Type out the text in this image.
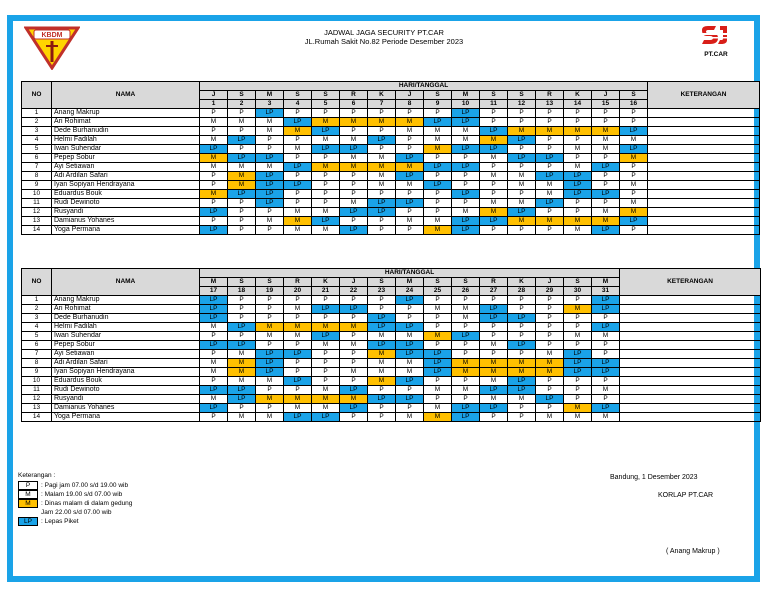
KBDM
PT.CAR
JADWAL JAGA SECURITY PT.CAR
JL.Rumah Sakit No.82 Periode Desember 2023
NO	NAMA	HARI/TANGGAL																KETERANGAN
		J	S	M	S	S	R	K	J	S	M	S	S	R	K	J	S	
		1	2	3	4	5	6	7	8	9	10	11	12	13	14	15	16	
1	Anang Makrup	P	P	LP	P	P	P	P	P	P	LP	P	P	P	P	P	P	
2	Ari Rohimat	M	M	M	LP	M	M	M	M	LP	LP	P	P	P	P	P	P	
3	Dede Burhanudin	P	P	M	M	LP	P	P	M	M	M	LP	M	M	M	M	LP	
4	Helmi Fadilah	M	LP	P	P	M	M	LP	P	M	M	M	LP	P	P	M	M	
5	Iwan Suhendar	LP	P	P	M	LP	LP	P	P	M	LP	LP	P	P	M	M	LP	
6	Pepep Sobur	M	LP	LP	P	P	M	M	LP	P	P	M	LP	LP	P	P	M	
7	Ayi Setiawan	M	M	M	LP	M	M	M	M	LP	LP	P	P	P	M	LP	P	
8	Adi Ardilan Safari	P	M	LP	P	P	P	M	LP	P	P	M	M	LP	LP	P	P	
9	Iyan Sopiyan Hendrayana	P	M	LP	LP	P	P	M	M	LP	P	P	M	M	LP	P	M	
10	Eduardus Bouk	M	LP	LP	P	P	P	P	P	P	LP	P	P	M	LP	LP	P	
11	Rudi Dewinoto	P	P	LP	P	P	M	LP	LP	P	P	M	M	LP	P	P	M	
12	Rusyandi	LP	P	P	M	M	LP	LP	P	P	M	M	LP	P	P	M	M	
13	Damianus Yohanes	P	P	M	M	LP	P	P	M	M	LP	LP	M	M	M	M	LP	
14	Yoga Permana	LP	P	P	M	M	LP	P	P	M	LP	P	P	P	M	LP	P	
NO	NAMA	HARI/TANGGAL															KETERANGAN
		M	S	S	R	K	J	S	M	S	S	R	K	J	S	M	
		17	18	19	20	21	22	23	24	25	26	27	28	29	30	31	
1	Anang Makrup	LP	P	P	P	P	P	P	LP	P	P	P	P	P	P	LP	
2	Ari Rohimat	LP	P	P	M	LP	LP	P	P	M	M	LP	P	P	M	LP	
3	Dede Burhanudin	LP	P	P	P	P	P	LP	P	P	M	LP	LP	P	P	P	
4	Helmi Fadilah	M	LP	M	M	M	M	LP	LP	P	P	P	P	P	P	LP	
5	Iwan Suhendar	P	P	M	M	LP	P	M	M	M	LP	P	P	P	M	M	
6	Pepep Sobur	LP	LP	P	P	M	M	LP	LP	P	P	M	LP	P	P	P	
7	Ayi Setiawan	P	M	LP	LP	P	P	M	LP	LP	P	P	P	M	LP	P	
8	Adi Ardilan Safari	M	M	LP	P	P	P	M	M	LP	M	M	M	M	LP	LP	
9	Iyan Sopiyan Hendrayana	M	M	LP	P	P	M	M	M	LP	M	M	M	M	LP	LP	
10	Eduardus Bouk	P	M	M	LP	P	P	M	LP	P	P	M	LP	P	P	P	
11	Rudi Dewinoto	LP	LP	P	P	M	LP	P	P	M	M	LP	LP	P	P	M	
12	Rusyandi	M	LP	M	M	M	M	LP	LP	P	P	M	M	LP	P	P	
13	Damianus Yohanes	LP	P	P	M	M	LP	P	P	M	LP	LP	P	P	M	LP	
14	Yoga Permana	P	M	M	LP	LP	P	P	M	M	LP	P	P	M	M	M	
Keterangan :
P	: Pagi jam 07.00 s/d 19.00 wib
M	: Malam 19.00 s/d 07.00 wib
M	: Dinas malam di dalam gedung
Jam 22.00 s/d 07.00 wib
LP	: Lepas Piket
Bandung, 1 Desember 2023
KORLAP PT.CAR
( Anang Makrup )
